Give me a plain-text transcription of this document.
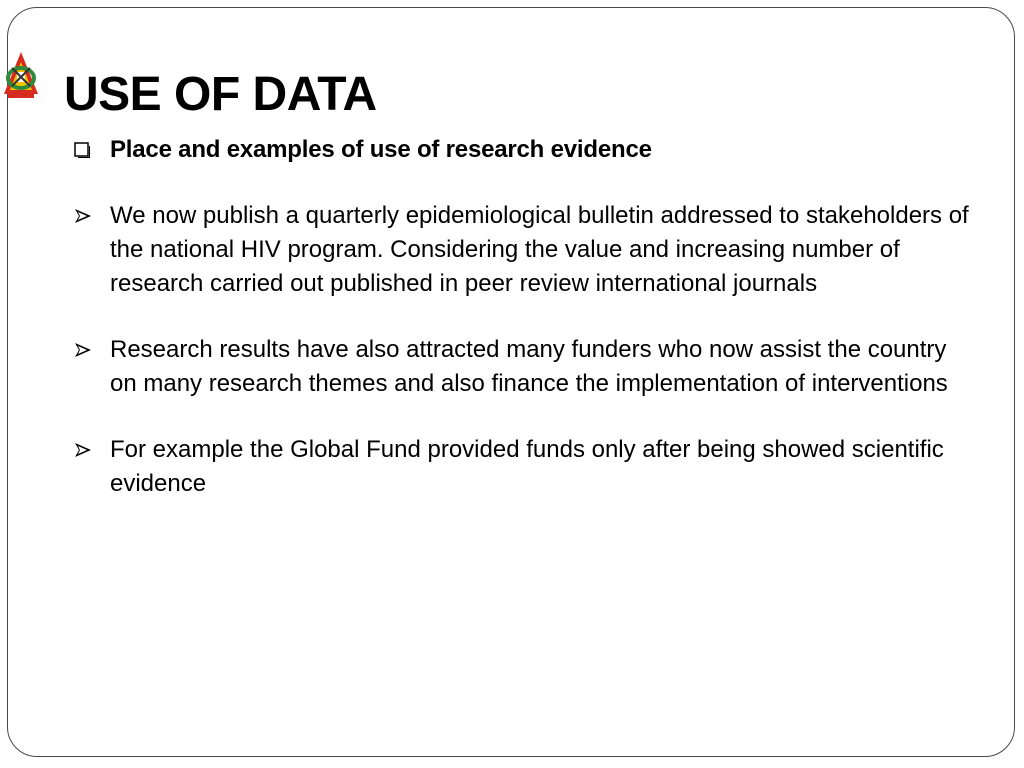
USE OF DATA
Place and examples of use of research evidence
We now publish a quarterly epidemiological bulletin addressed to stakeholders of the national HIV program. Considering the value and increasing number of research carried out published in peer review international journals
Research results have also attracted many funders who now assist the country on many research themes and also finance the implementation of interventions
For example the Global Fund provided funds only after being showed scientific evidence
